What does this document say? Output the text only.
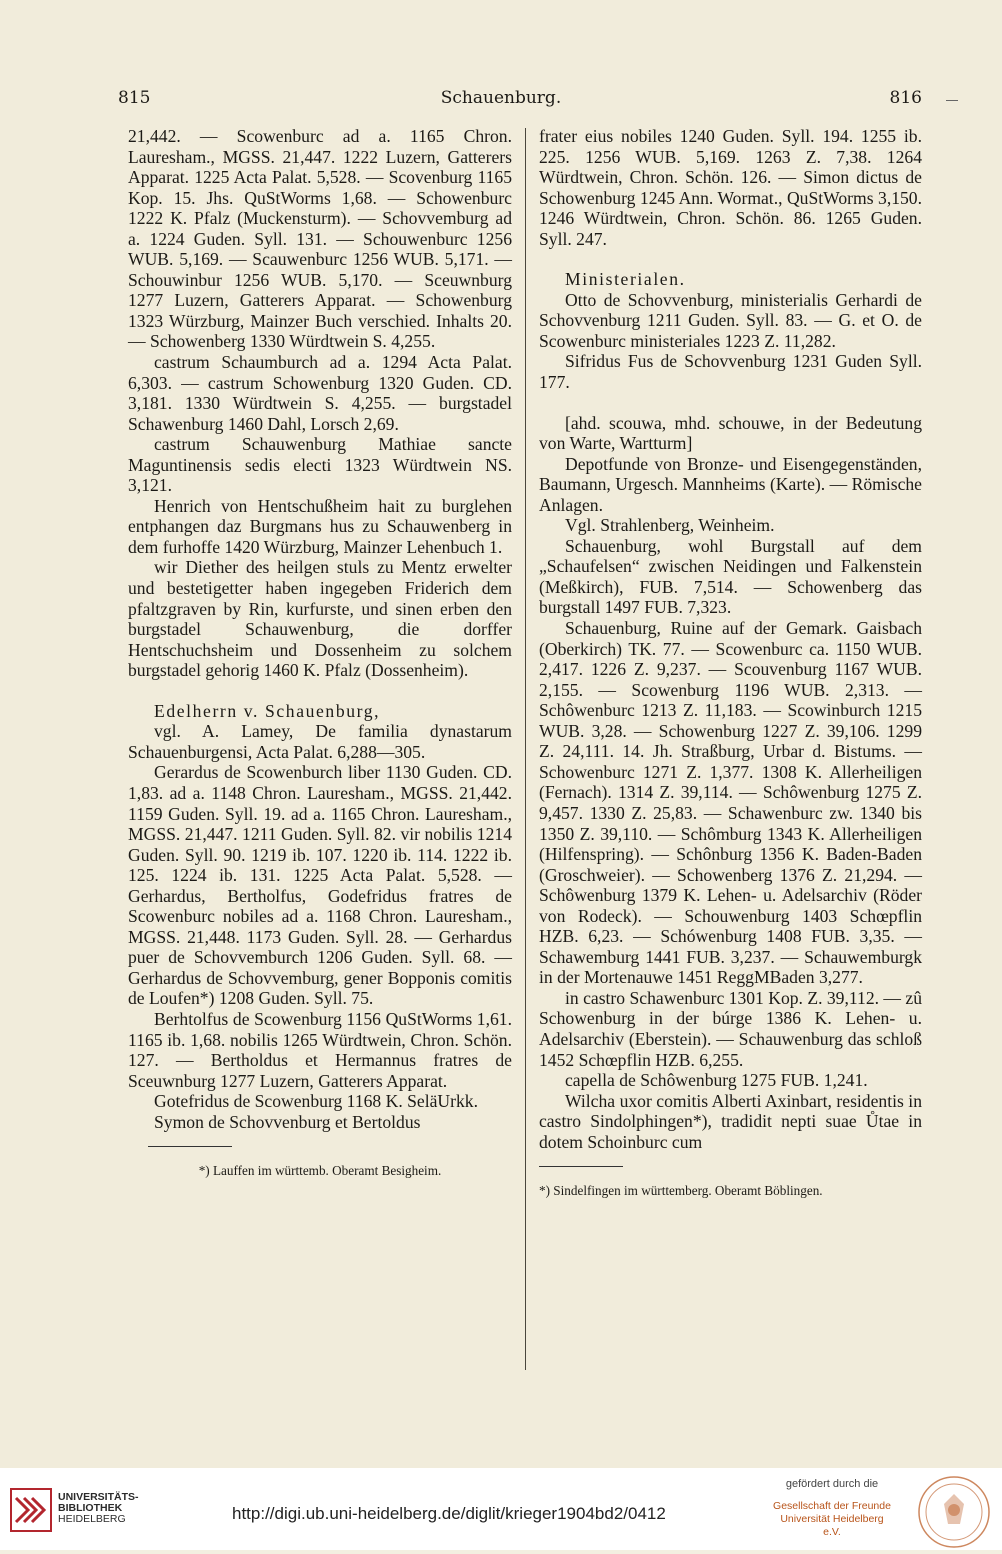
815	Schauenburg.	816

21,442. — Scowenburc ad a. 1165 Chron. Lauresham., MGSS. 21,447. 1222 Luzern, Gatterers Apparat. 1225 Acta Palat. 5,528. — Scovenburg 1165 Kop. 15. Jhs. QuStWorms 1,68. — Schowenburc 1222 K. Pfalz (Muckensturm). — Schovvemburg ad a. 1224 Guden. Syll. 131. — Schouwenburc 1256 WUB. 5,169. — Scauwenburc 1256 WUB. 5,171. — Schouwinbur 1256 WUB. 5,170. — Sceuwnburg 1277 Luzern, Gatterers Apparat. — Schowenburg 1323 Würzburg, Mainzer Buch verschied. Inhalts 20. — Schowenberg 1330 Würdtwein S. 4,255.

castrum Schaumburch ad a. 1294 Acta Palat. 6,303. — castrum Schowenburg 1320 Guden. CD. 3,181. 1330 Würdtwein S. 4,255. — burgstadel Schawenburg 1460 Dahl, Lorsch 2,69.

castrum Schauwenburg Mathiae sancte Maguntinensis sedis electi 1323 Würdtwein NS. 3,121.

Henrich von Hentschußheim hait zu burglehen entphangen daz Burgmans hus zu Schauwenberg in dem furhoffe 1420 Würzburg, Mainzer Lehenbuch 1.

wir Diether des heilgen stuls zu Mentz erwelter und bestetigetter haben ingegeben Friderich dem pfaltzgraven by Rin, kurfurste, und sinen erben den burgstadel Schauwenburg, die dorffer Hentschuchsheim und Dossenheim zu solchem burgstadel gehorig 1460 K. Pfalz (Dossenheim).

Edelherrn v. Schauenburg,

vgl. A. Lamey, De familia dynastarum Schauenburgensi, Acta Palat. 6,288—305.

Gerardus de Scowenburch liber 1130 Guden. CD. 1,83. ad a. 1148 Chron. Lauresham., MGSS. 21,442. 1159 Guden. Syll. 19. ad a. 1165 Chron. Lauresham., MGSS. 21,447. 1211 Guden. Syll. 82. vir nobilis 1214 Guden. Syll. 90. 1219 ib. 107. 1220 ib. 114. 1222 ib. 125. 1224 ib. 131. 1225 Acta Palat. 5,528. — Gerhardus, Bertholfus, Godefridus fratres de Scowenburc nobiles ad a. 1168 Chron. Lauresham., MGSS. 21,448. 1173 Guden. Syll. 28. — Gerhardus puer de Schovvemburch 1206 Guden. Syll. 68. — Gerhardus de Schovvemburg, gener Bopponis comitis de Loufen*) 1208 Guden. Syll. 75.

Berhtolfus de Scowenburg 1156 QuStWorms 1,61. 1165 ib. 1,68. nobilis 1265 Würdtwein, Chron. Schön. 127. — Bertholdus et Hermannus fratres de Sceuwnburg 1277 Luzern, Gatterers Apparat.

Gotefridus de Scowenburg 1168 K. SeläUrkk.

Symon de Schovvenburg et Bertoldus

*) Lauffen im württemb. Oberamt Besigheim.

frater eius nobiles 1240 Guden. Syll. 194. 1255 ib. 225. 1256 WUB. 5,169. 1263 Z. 7,38. 1264 Würdtwein, Chron. Schön. 126. — Simon dictus de Schowenburg 1245 Ann. Wormat., QuStWorms 3,150. 1246 Würdtwein, Chron. Schön. 86. 1265 Guden. Syll. 247.

Ministerialen.

Otto de Schovvenburg, ministerialis Gerhardi de Schovvenburg 1211 Guden. Syll. 83. — G. et O. de Scowenburc ministeriales 1223 Z. 11,282.

Sifridus Fus de Schovvenburg 1231 Guden Syll. 177.

[ahd. scouwa, mhd. schouwe, in der Bedeutung von Warte, Wartturm]

Depotfunde von Bronze- und Eisengegenständen, Baumann, Urgesch. Mannheims (Karte). — Römische Anlagen.

Vgl. Strahlenberg, Weinheim.

Schauenburg, wohl Burgstall auf dem „Schaufelsen“ zwischen Neidingen und Falkenstein (Meßkirch), FUB. 7,514. — Schowenberg das burgstall 1497 FUB. 7,323.

Schauenburg, Ruine auf der Gemark. Gaisbach (Oberkirch) TK. 77. — Scowenburc ca. 1150 WUB. 2,417. 1226 Z. 9,237. — Scouvenburg 1167 WUB. 2,155. — Scowenburg 1196 WUB. 2,313. — Schôwenburc 1213 Z. 11,183. — Scowinburch 1215 WUB. 3,28. — Schowenburg 1227 Z. 39,106. 1299 Z. 24,111. 14. Jh. Straßburg, Urbar d. Bistums. — Schowenburc 1271 Z. 1,377. 1308 K. Allerheiligen (Fernach). 1314 Z. 39,114. — Schôwenburg 1275 Z. 9,457. 1330 Z. 25,83. — Schawenburc zw. 1340 bis 1350 Z. 39,110. — Schômburg 1343 K. Allerheiligen (Hilfenspring). — Schônburg 1356 K. Baden-Baden (Groschweier). — Schowenberg 1376 Z. 21,294. — Schôwenburg 1379 K. Lehen- u. Adelsarchiv (Röder von Rodeck). — Schouwenburg 1403 Schœpflin HZB. 6,23. — Schówenburg 1408 FUB. 3,35. — Schawemburg 1441 FUB. 3,237. — Schauwemburgk in der Mortenauwe 1451 ReggMBaden 3,277.

in castro Schawenburc 1301 Kop. Z. 39,112. — zû Schowenburg in der búrge 1386 K. Lehen- u. Adelsarchiv (Eberstein). — Schauwenburg das schloß 1452 Schœpflin HZB. 6,255.

capella de Schôwenburg 1275 FUB. 1,241.

Wilcha uxor comitis Alberti Axinbart, residentis in castro Sindolphingen*), tradidit nepti suae Ůtae in dotem Schoinburc cum

*) Sindelfingen im württemberg. Oberamt Böblingen.

UNIVERSITÄTS-
BIBLIOTHEK
HEIDELBERG	http://digi.ub.uni-heidelberg.de/diglit/krieger1904bd2/0412
gefördert durch die
Gesellschaft der Freunde
Universität Heidelberg e.V.
